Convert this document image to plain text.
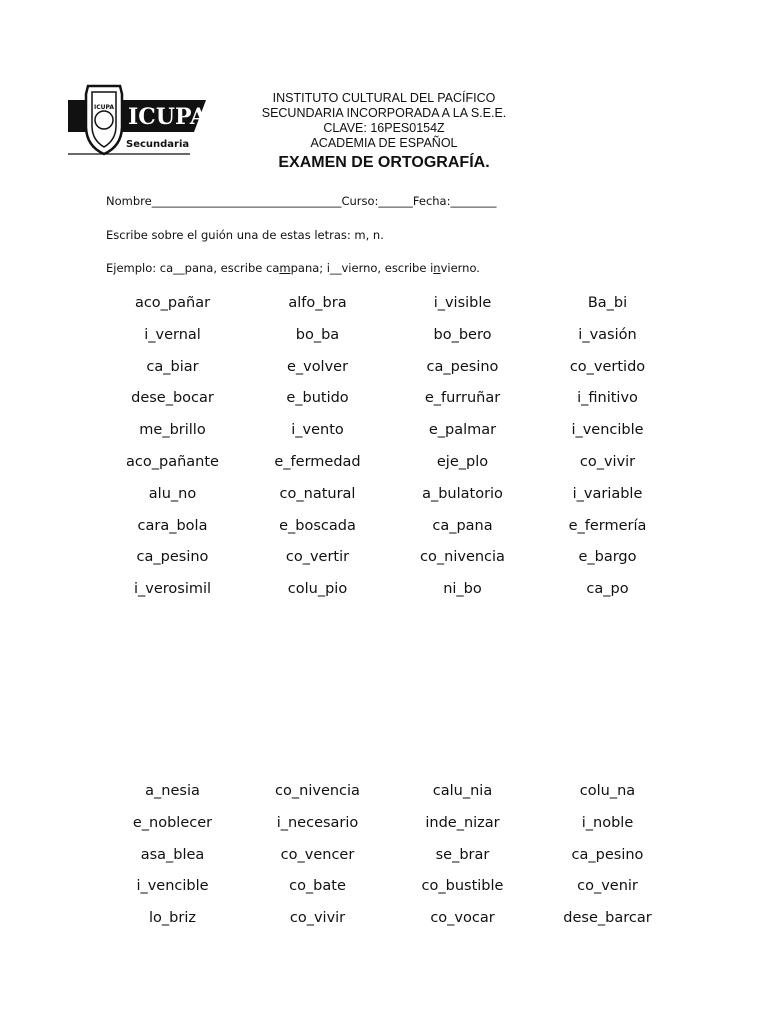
ICUPA ICUPA
Secundaria
INSTITUTO CULTURAL DEL PACÍFICO
SECUNDARIA INCORPORADA A LA S.E.E.
CLAVE: 16PES0154Z
ACADEMIA DE ESPAÑOL
EXAMEN DE ORTOGRAFÍA.
Nombre_________________________________Curso:______Fecha:________
Escribe sobre el guión una de estas letras: m, n.
Ejemplo: ca__pana, escribe campana; i__vierno, escribe invierno.
aco_pañar	alfo_bra	i_visible	Ba_bi
i_vernal	bo_ba	bo_bero	i_vasión
ca_biar	e_volver	ca_pesino	co_vertido
dese_bocar	e_butido	e_furruñar	i_finitivo
me_brillo	i_vento	e_palmar	i_vencible
aco_pañante	e_fermedad	eje_plo	co_vivir
alu_no	co_natural	a_bulatorio	i_variable
cara_bola	e_boscada	ca_pana	e_fermería
ca_pesino	co_vertir	co_nivencia	e_bargo
i_verosimil	colu_pio	ni_bo	ca_po
a_nesia	co_nivencia	calu_nia	colu_na
e_noblecer	i_necesario	inde_nizar	i_noble
asa_blea	co_vencer	se_brar	ca_pesino
i_vencible	co_bate	co_bustible	co_venir
lo_briz	co_vivir	co_vocar	dese_barcar
